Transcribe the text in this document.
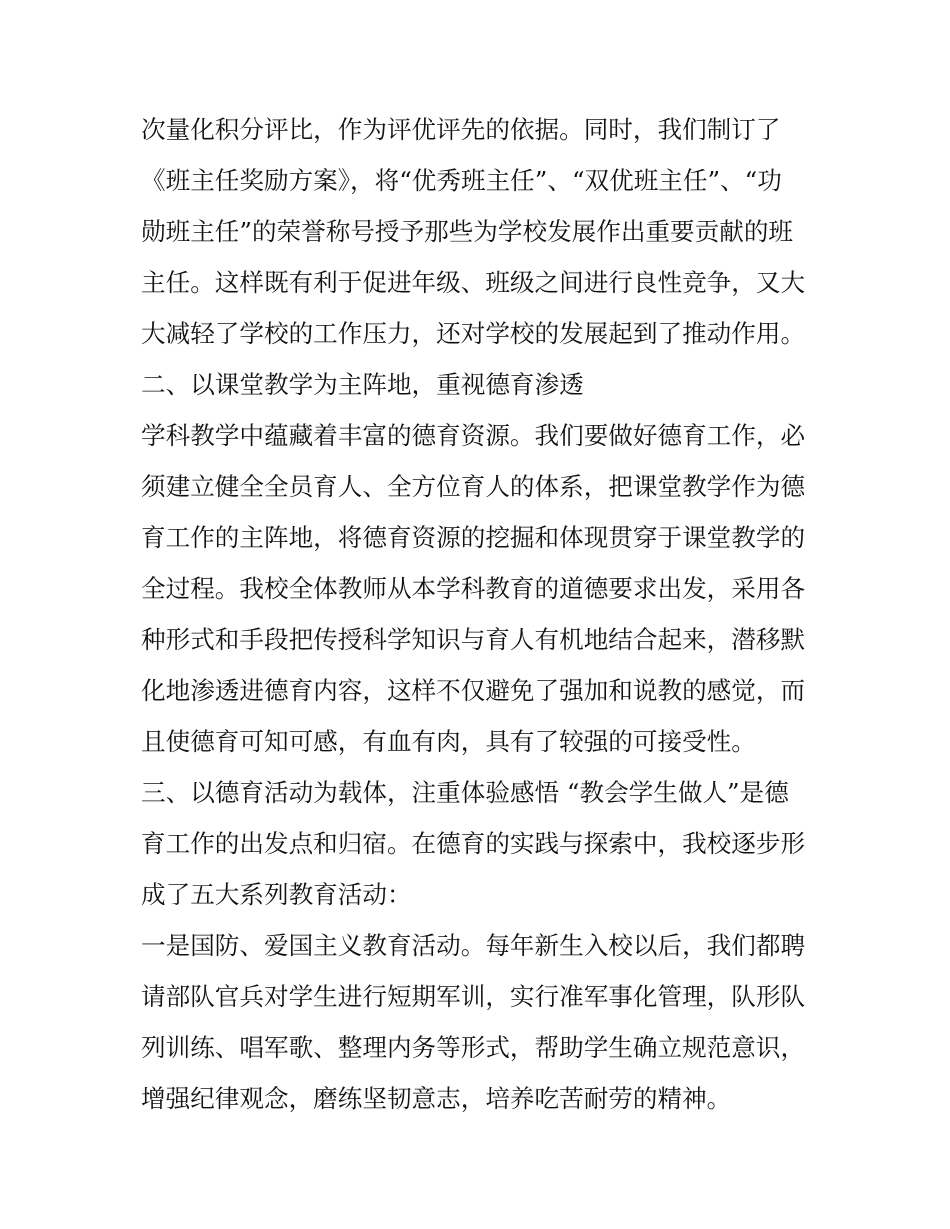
次量化积分评比，作为评优评先的依据。同时，我们制订了
《班主任奖励方案》，将“优秀班主任”、“双优班主任”、“功
勋班主任”的荣誉称号授予那些为学校发展作出重要贡献的班
主任。这样既有利于促进年级、班级之间进行良性竞争，又大
大减轻了学校的工作压力，还对学校的发展起到了推动作用。
二、以课堂教学为主阵地，重视德育渗透
学科教学中蕴藏着丰富的德育资源。我们要做好德育工作，必
须建立健全全员育人、全方位育人的体系，把课堂教学作为德
育工作的主阵地，将德育资源的挖掘和体现贯穿于课堂教学的
全过程。我校全体教师从本学科教育的道德要求出发，采用各
种形式和手段把传授科学知识与育人有机地结合起来，潜移默
化地渗透进德育内容，这样不仅避免了强加和说教的感觉，而
且使德育可知可感，有血有肉，具有了较强的可接受性。
三、以德育活动为载体，注重体验感悟 “教会学生做人”是德
育工作的出发点和归宿。在德育的实践与探索中，我校逐步形
成了五大系列教育活动：
一是国防、爱国主义教育活动。每年新生入校以后，我们都聘
请部队官兵对学生进行短期军训，实行准军事化管理，队形队
列训练、唱军歌、整理内务等形式，帮助学生确立规范意识，
增强纪律观念，磨练坚韧意志，培养吃苦耐劳的精神。
